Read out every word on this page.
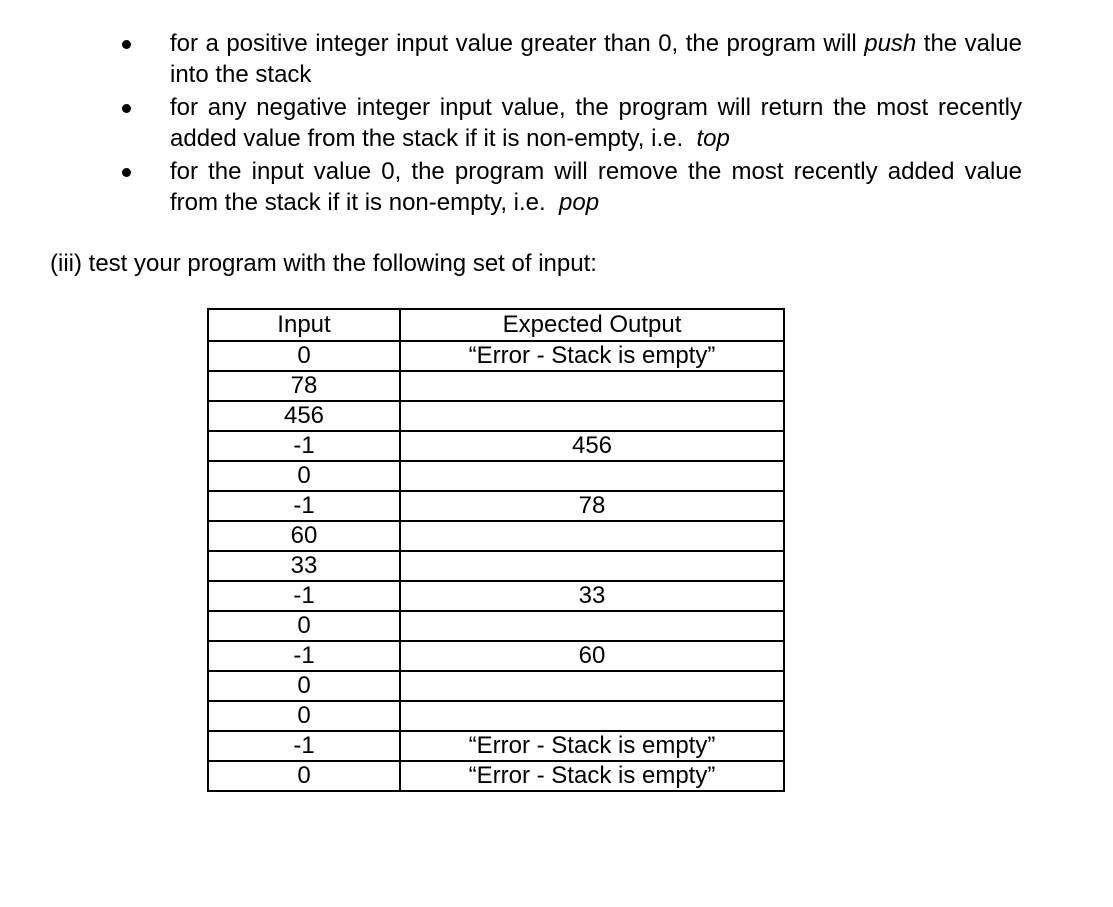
for a positive integer input value greater than 0, the program will push the value into the stack
for any negative integer input value, the program will return the most recently added value from the stack if it is non-empty, i.e.  top
for the input value 0, the program will remove the most recently added value from the stack if it is non-empty, i.e.  pop
(iii) test your program with the following set of input:
Input	Expected Output
0	“Error - Stack is empty”
78	
456	
-1	456
0	
-1	78
60	
33	
-1	33
0	
-1	60
0	
0	
-1	“Error - Stack is empty”
0	“Error - Stack is empty”
